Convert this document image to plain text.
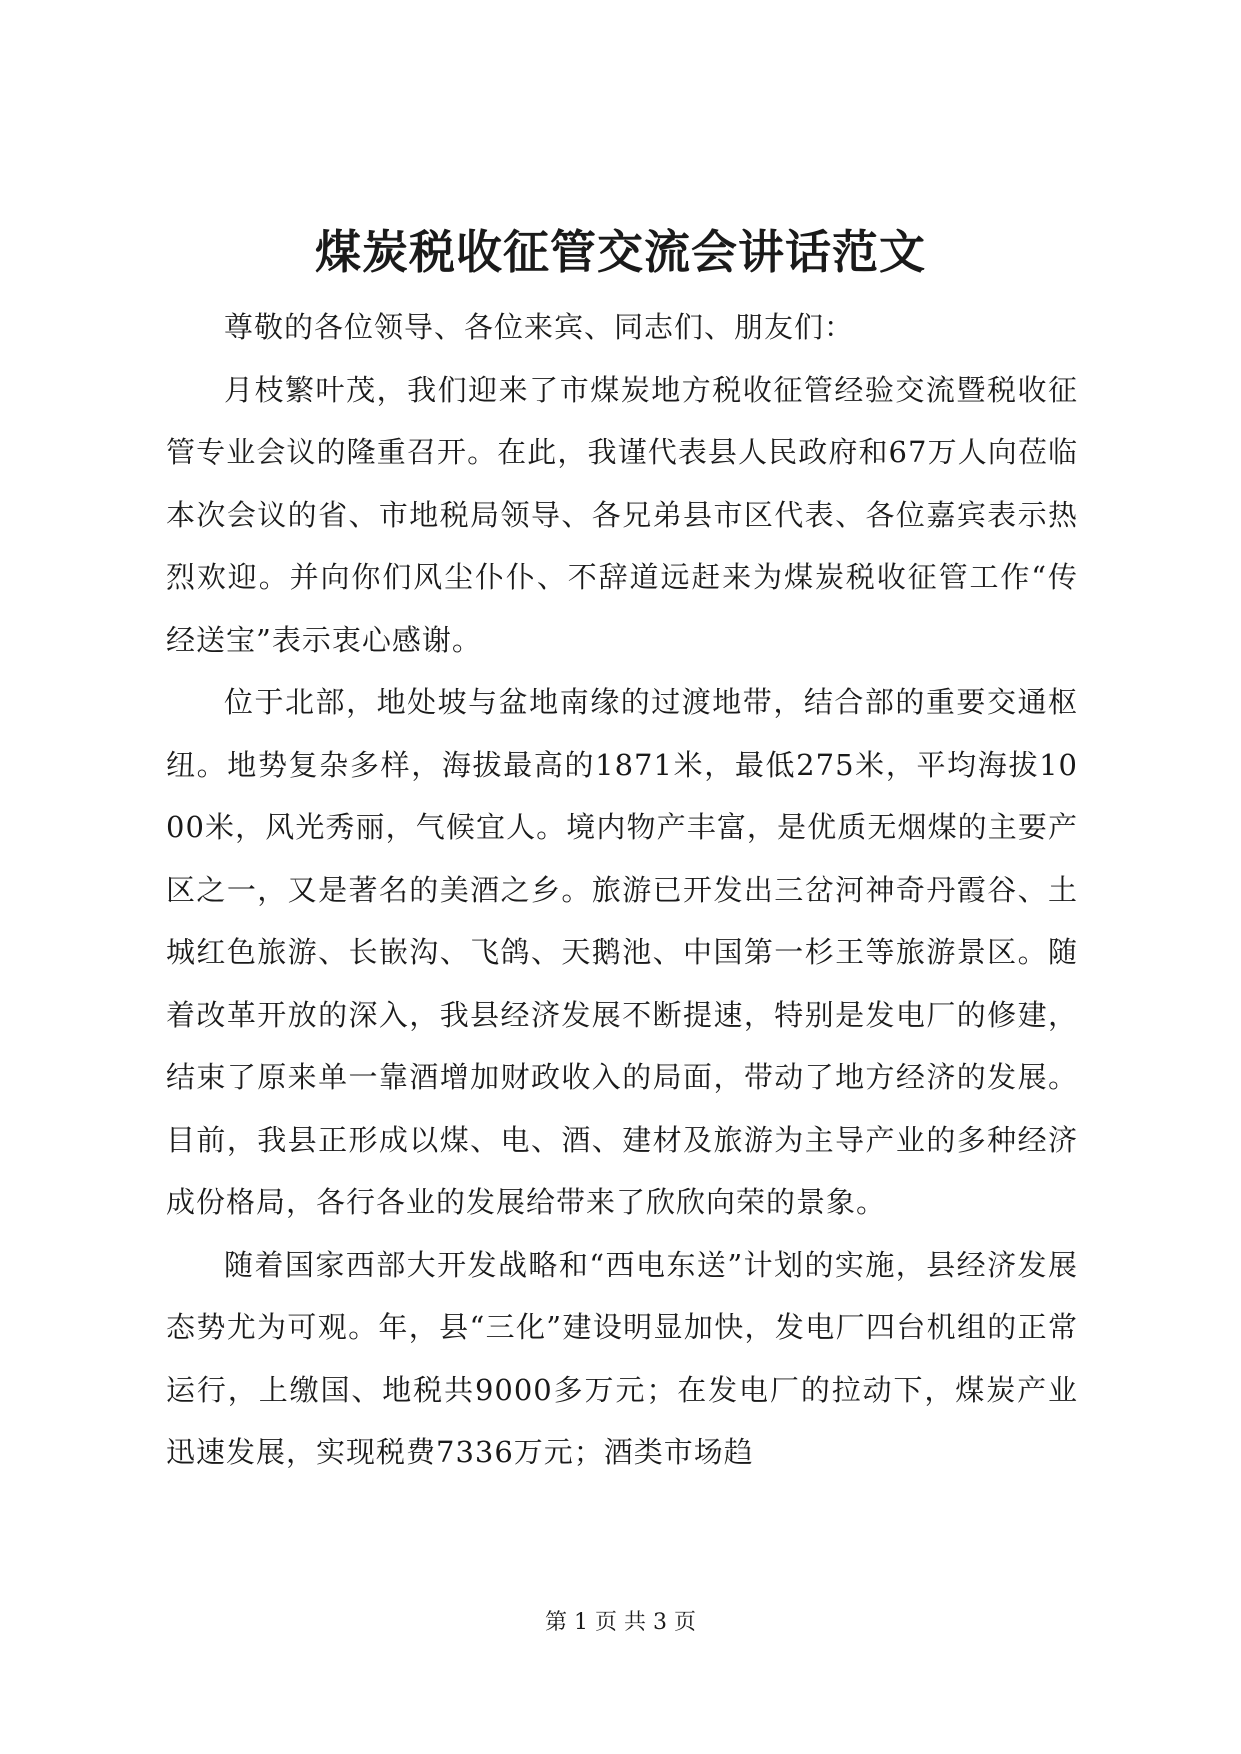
煤炭税收征管交流会讲话范文

尊敬的各位领导、各位来宾、同志们、朋友们：

月枝繁叶茂，我们迎来了市煤炭地方税收征管经验交流暨税收征管专业会议的隆重召开。在此，我谨代表县人民政府和67万人向莅临本次会议的省、市地税局领导、各兄弟县市区代表、各位嘉宾表示热烈欢迎。并向你们风尘仆仆、不辞道远赶来为煤炭税收征管工作“传经送宝”表示衷心感谢。

位于北部，地处坡与盆地南缘的过渡地带，结合部的重要交通枢纽。地势复杂多样，海拔最高的1871米，最低275米，平均海拔1000米，风光秀丽，气候宜人。境内物产丰富，是优质无烟煤的主要产区之一，又是著名的美酒之乡。旅游已开发出三岔河神奇丹霞谷、土城红色旅游、长嵌沟、飞鸽、天鹅池、中国第一杉王等旅游景区。随着改革开放的深入，我县经济发展不断提速，特别是发电厂的修建，结束了原来单一靠酒增加财政收入的局面，带动了地方经济的发展。目前，我县正形成以煤、电、酒、建材及旅游为主导产业的多种经济成份格局，各行各业的发展给带来了欣欣向荣的景象。

随着国家西部大开发战略和“西电东送”计划的实施，县经济发展态势尤为可观。年，县“三化”建设明显加快，发电厂四台机组的正常运行，上缴国、地税共9000多万元；在发电厂的拉动下，煤炭产业迅速发展，实现税费7336万元；酒类市场趋

第 1 页 共 3 页
